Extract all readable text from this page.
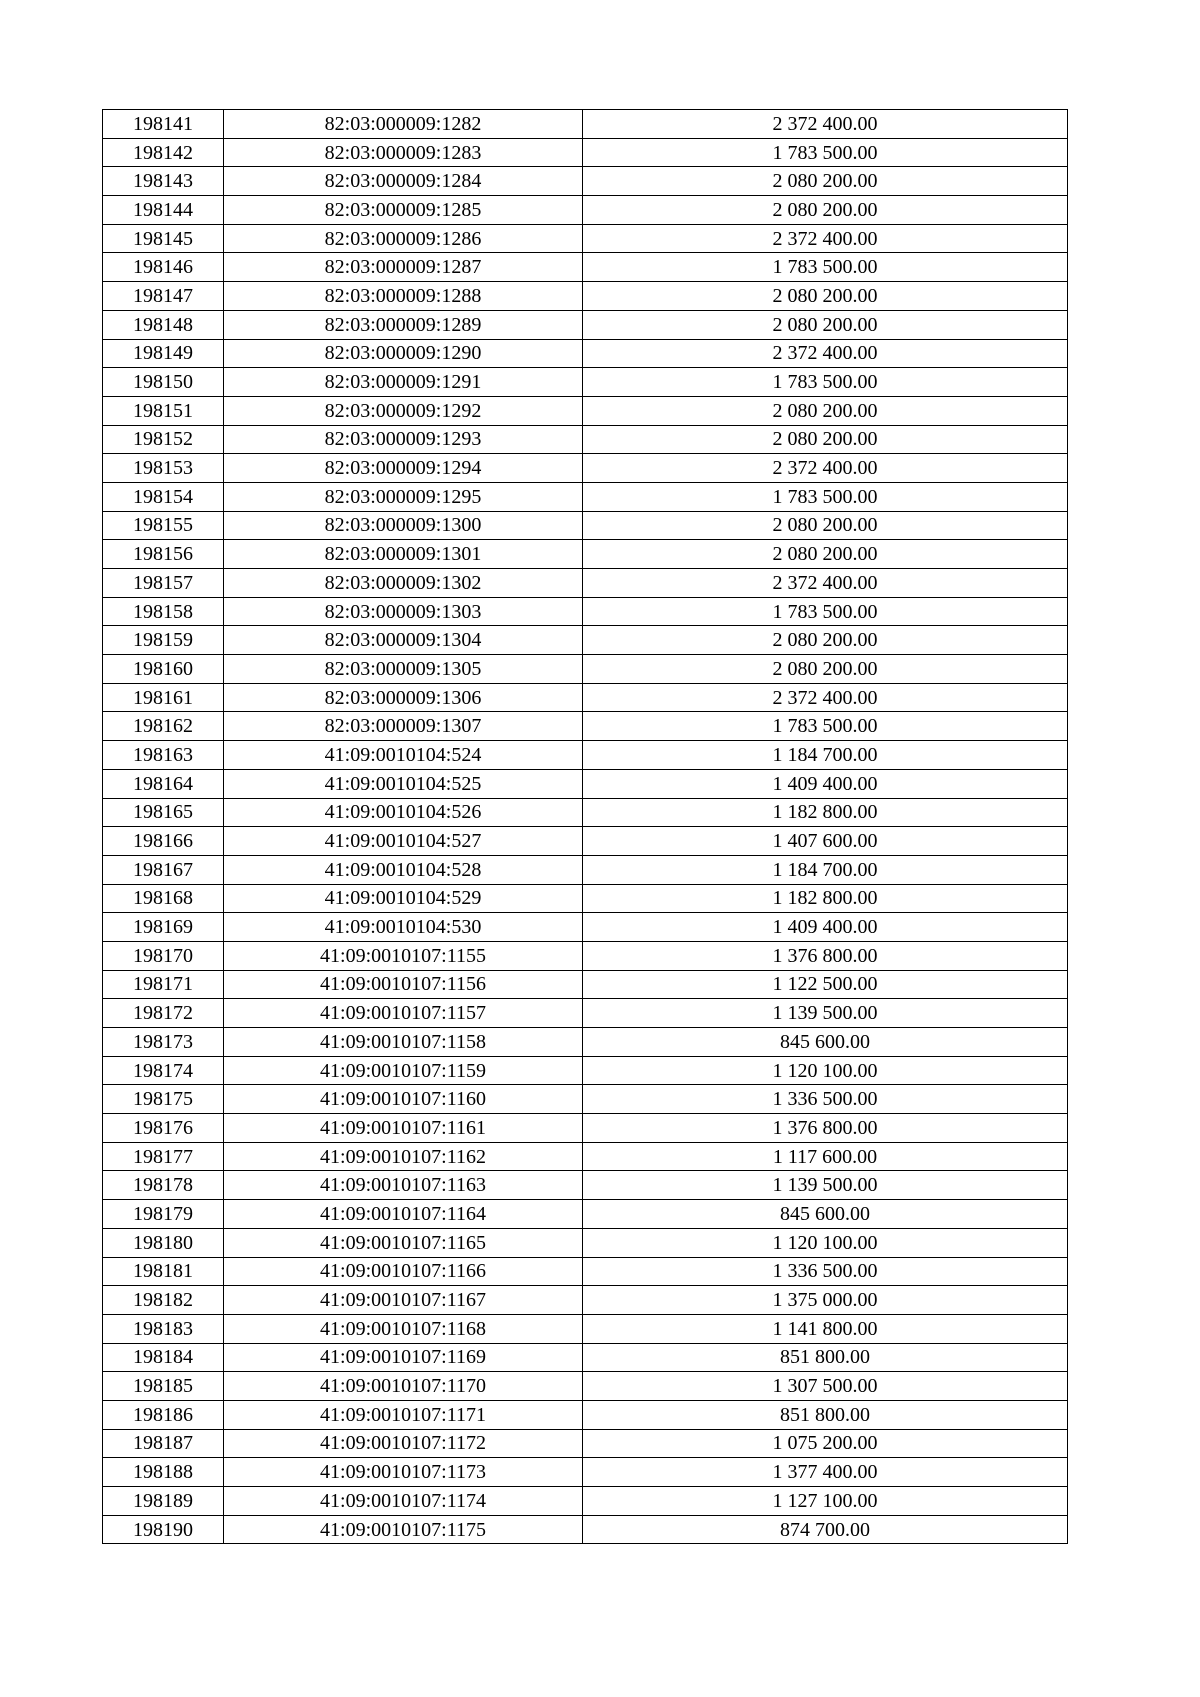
198141	82:03:000009:1282	2 372 400.00
198142	82:03:000009:1283	1 783 500.00
198143	82:03:000009:1284	2 080 200.00
198144	82:03:000009:1285	2 080 200.00
198145	82:03:000009:1286	2 372 400.00
198146	82:03:000009:1287	1 783 500.00
198147	82:03:000009:1288	2 080 200.00
198148	82:03:000009:1289	2 080 200.00
198149	82:03:000009:1290	2 372 400.00
198150	82:03:000009:1291	1 783 500.00
198151	82:03:000009:1292	2 080 200.00
198152	82:03:000009:1293	2 080 200.00
198153	82:03:000009:1294	2 372 400.00
198154	82:03:000009:1295	1 783 500.00
198155	82:03:000009:1300	2 080 200.00
198156	82:03:000009:1301	2 080 200.00
198157	82:03:000009:1302	2 372 400.00
198158	82:03:000009:1303	1 783 500.00
198159	82:03:000009:1304	2 080 200.00
198160	82:03:000009:1305	2 080 200.00
198161	82:03:000009:1306	2 372 400.00
198162	82:03:000009:1307	1 783 500.00
198163	41:09:0010104:524	1 184 700.00
198164	41:09:0010104:525	1 409 400.00
198165	41:09:0010104:526	1 182 800.00
198166	41:09:0010104:527	1 407 600.00
198167	41:09:0010104:528	1 184 700.00
198168	41:09:0010104:529	1 182 800.00
198169	41:09:0010104:530	1 409 400.00
198170	41:09:0010107:1155	1 376 800.00
198171	41:09:0010107:1156	1 122 500.00
198172	41:09:0010107:1157	1 139 500.00
198173	41:09:0010107:1158	845 600.00
198174	41:09:0010107:1159	1 120 100.00
198175	41:09:0010107:1160	1 336 500.00
198176	41:09:0010107:1161	1 376 800.00
198177	41:09:0010107:1162	1 117 600.00
198178	41:09:0010107:1163	1 139 500.00
198179	41:09:0010107:1164	845 600.00
198180	41:09:0010107:1165	1 120 100.00
198181	41:09:0010107:1166	1 336 500.00
198182	41:09:0010107:1167	1 375 000.00
198183	41:09:0010107:1168	1 141 800.00
198184	41:09:0010107:1169	851 800.00
198185	41:09:0010107:1170	1 307 500.00
198186	41:09:0010107:1171	851 800.00
198187	41:09:0010107:1172	1 075 200.00
198188	41:09:0010107:1173	1 377 400.00
198189	41:09:0010107:1174	1 127 100.00
198190	41:09:0010107:1175	874 700.00
